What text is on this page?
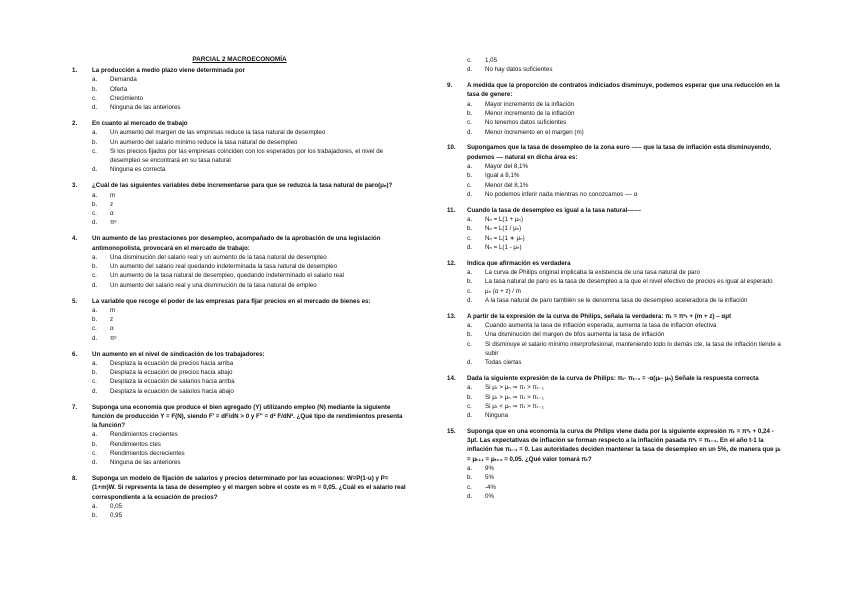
PARCIAL 2 MACROECONOMÍA
1.	La producción a medio plazo viene determinada por
a. Demanda
b. Oferta
c. Crecimiento
d. Ninguna de las anteriores
2.	En cuanto al mercado de trabajo
a. Un aumento del margen de las empresas reduce la tasa natural de desempleo
b. Un aumento del salario mínimo reduce la tasa natural de desempleo
c. Si los precios fijados por las empresas coinciden con los esperados por los trabajadores, el nivel de desempleo se encontrará en su tasa natural
d. Ninguna es correcta
3.	¿Cuál de las siguientes variables debe incrementarse para que se reduzca la tasa natural de paro(μₙ)?
a. m
b. z
c. α
d. πᵉ
4.	Un aumento de las prestaciones por desempleo, acompañado de la aprobación de una legislación antimonopolista, provocará en el mercado de trabajo:
a. Una disminución del salario real y un aumento de la tasa natural de desempleo
b. Un aumento del salario real quedando indeterminada la tasa natural de desempleo
c. Un aumento de la tasa natural de desempleo, quedando indeterminado el salario real
d. Un aumento del salario real y una disminución de la tasa natural de empleo
5.	La variable que recoge el poder de las empresas para fijar precios en el mercado de bienes es:
a. m
b. z
c. α
d. πᵉ
6.	Un aumento en el nivel de sindicación de los trabajadores:
a. Desplaza la ecuación de precios hacia arriba
b. Desplaza la ecuación de precios hacia abajo
c. Desplaza la ecuación de salarios hacia arriba
d. Desplaza la ecuación de salarios hacia abajo
7.	Suponga una economía que produce el bien agregado (Y) utilizando empleo (N) mediante la siguiente función de producción Y = F(N), siendo F' = dF/dN > 0 y F'' = d² F/dN². ¿Qué tipo de rendimientos presenta la función?
a. Rendimientos crecientes
b. Rendimientos ctes
c. Rendimientos decrecientes
d. Ninguna de las anteriores
8.	Suponga un modelo de fijación de salarios y precios determinado por las ecuaciones: W=P(1-u) y P=(1+m)W. Si representa la tasa de desempleo y el margen sobre el coste es m = 0,05. ¿Cuál es el salario real correspondiente a la ecuación de precios?
a. 0,05
b. 0,95
c. 1,05
d. No hay datos suficientes
9.	A medida que la proporción de contratos indiciados disminuye, podemos esperar que una reducción en la tasa de genere:
a. Mayor incremento de la inflación
b. Menor incremento de la inflación
c. No tenemos datos suficientes
d. Menor incremento en el margen (m)
10.	Supongamos que la tasa de desempleo de la zona euro ––– que la tasa de inflación esta disminuyendo, podemos –– natural en dicha área es:
a. Mayor del 8,1%
b. Igual a 8,1%
c. Menor del 8,1%
d. No podemos inferir nada mientras no conozcamos –– α
11.	Cuando la tasa de desempleo es igual a la tasa natural––––
a. Nₙ = L(1 + μₙ)
b. Nₙ = L(1 / μₙ)
c. Nₙ = L(1 ∗ μₙ)
d. Nₙ = L(1 - μₙ)
12.	Indica que afirmación es verdadera
a. La curva de Philips original implicaba la existencia de una tasa natural de paro
b. La tasa natural de paro es la tasa de desempleo a la que el nivel efectivo de precios es igual al esperado
c. μₙ (α + z) / m
d. A la tasa natural de paro también se le denomina tasa de desempleo aceleradora de la inflación
13.	A partir de la expresión de la curva de Philips, señala la verdadera: πₜ = πᵉₜ + (m + z) – αμt
a. Cuando aumenta la tasa de inflación esperada, aumenta la tasa de inflación efectiva
b. Una disminución del margen de bfos aumenta la tasa de inflación
c. Si disminuye el salario mínimo interprofesional, manteniendo todo lo demás cte, la tasa de inflación tiende a subir
d. Todas ciertas
14.	Dada la siguiente expresión de la curva de Philips: πₜ- πₜ₋₁ = -α(μₜ- μₙ) Señale la respuesta correcta
a. Si μₜ > μₙ ⇒ πₜ > πₜ₋₁
b. Si μₜ > μₙ ⇒ πₜ > πₜ₋₁
c. Si μₜ < μₙ ⇒ πₜ > πₜ₋₁
d. Ninguna
15.	Suponga que en una economía la curva de Philips viene dada por la siguiente expresión πₜ = πᵉₜ + 0,24 - 3μt. Las expectativas de inflación se forman respecto a la inflación pasada πᵉₜ = πₜ₋₁. En el año t-1 la inflación fue πₜ₋₁ = 0. Las autoridades deciden mantener la tasa de desempleo en un 5%, de manera que μₜ = μₜ₊₁ = μₜ₊₂ = 0,05. ¿Qué valor tomará πₜ?
a. 9%
b. 5%
c. -4%
d. 0%
